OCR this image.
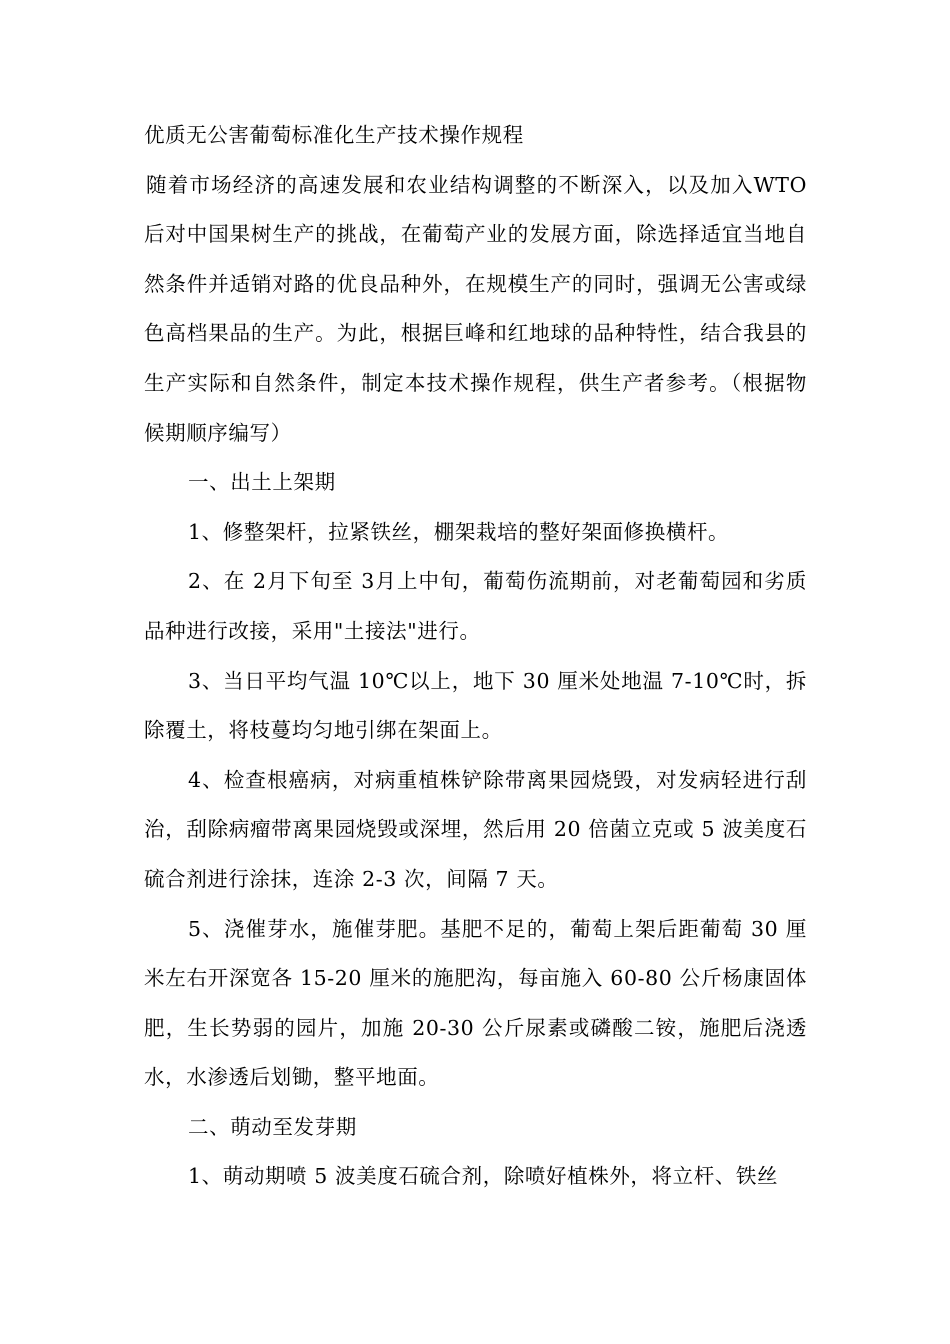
优质无公害葡萄标准化生产技术操作规程

随着市场经济的高速发展和农业结构调整的不断深入，以及加入WTO 后对中国果树生产的挑战，在葡萄产业的发展方面，除选择适宜当地自然条件并适销对路的优良品种外，在规模生产的同时，强调无公害或绿色高档果品的生产。为此，根据巨峰和红地球的品种特性，结合我县的生产实际和自然条件，制定本技术操作规程，供生产者参考。（根据物候期顺序编写）

一、出土上架期

1、修整架杆，拉紧铁丝，棚架栽培的整好架面修换横杆。

2、在 2月下旬至 3月上中旬，葡萄伤流期前，对老葡萄园和劣质品种进行改接，采用"土接法"进行。

3、当日平均气温 10℃以上，地下 30 厘米处地温 7-10℃时，拆除覆土，将枝蔓均匀地引绑在架面上。

4、检查根癌病，对病重植株铲除带离果园烧毁，对发病轻进行刮治，刮除病瘤带离果园烧毁或深埋，然后用 20 倍菌立克或 5 波美度石硫合剂进行涂抹，连涂 2-3 次，间隔 7 天。

5、浇催芽水，施催芽肥。基肥不足的，葡萄上架后距葡萄 30 厘米左右开深宽各 15-20 厘米的施肥沟，每亩施入 60-80 公斤杨康固体肥，生长势弱的园片，加施 20-30 公斤尿素或磷酸二铵，施肥后浇透水，水渗透后划锄，整平地面。

二、萌动至发芽期

1、萌动期喷 5 波美度石硫合剂，除喷好植株外，将立杆、铁丝
